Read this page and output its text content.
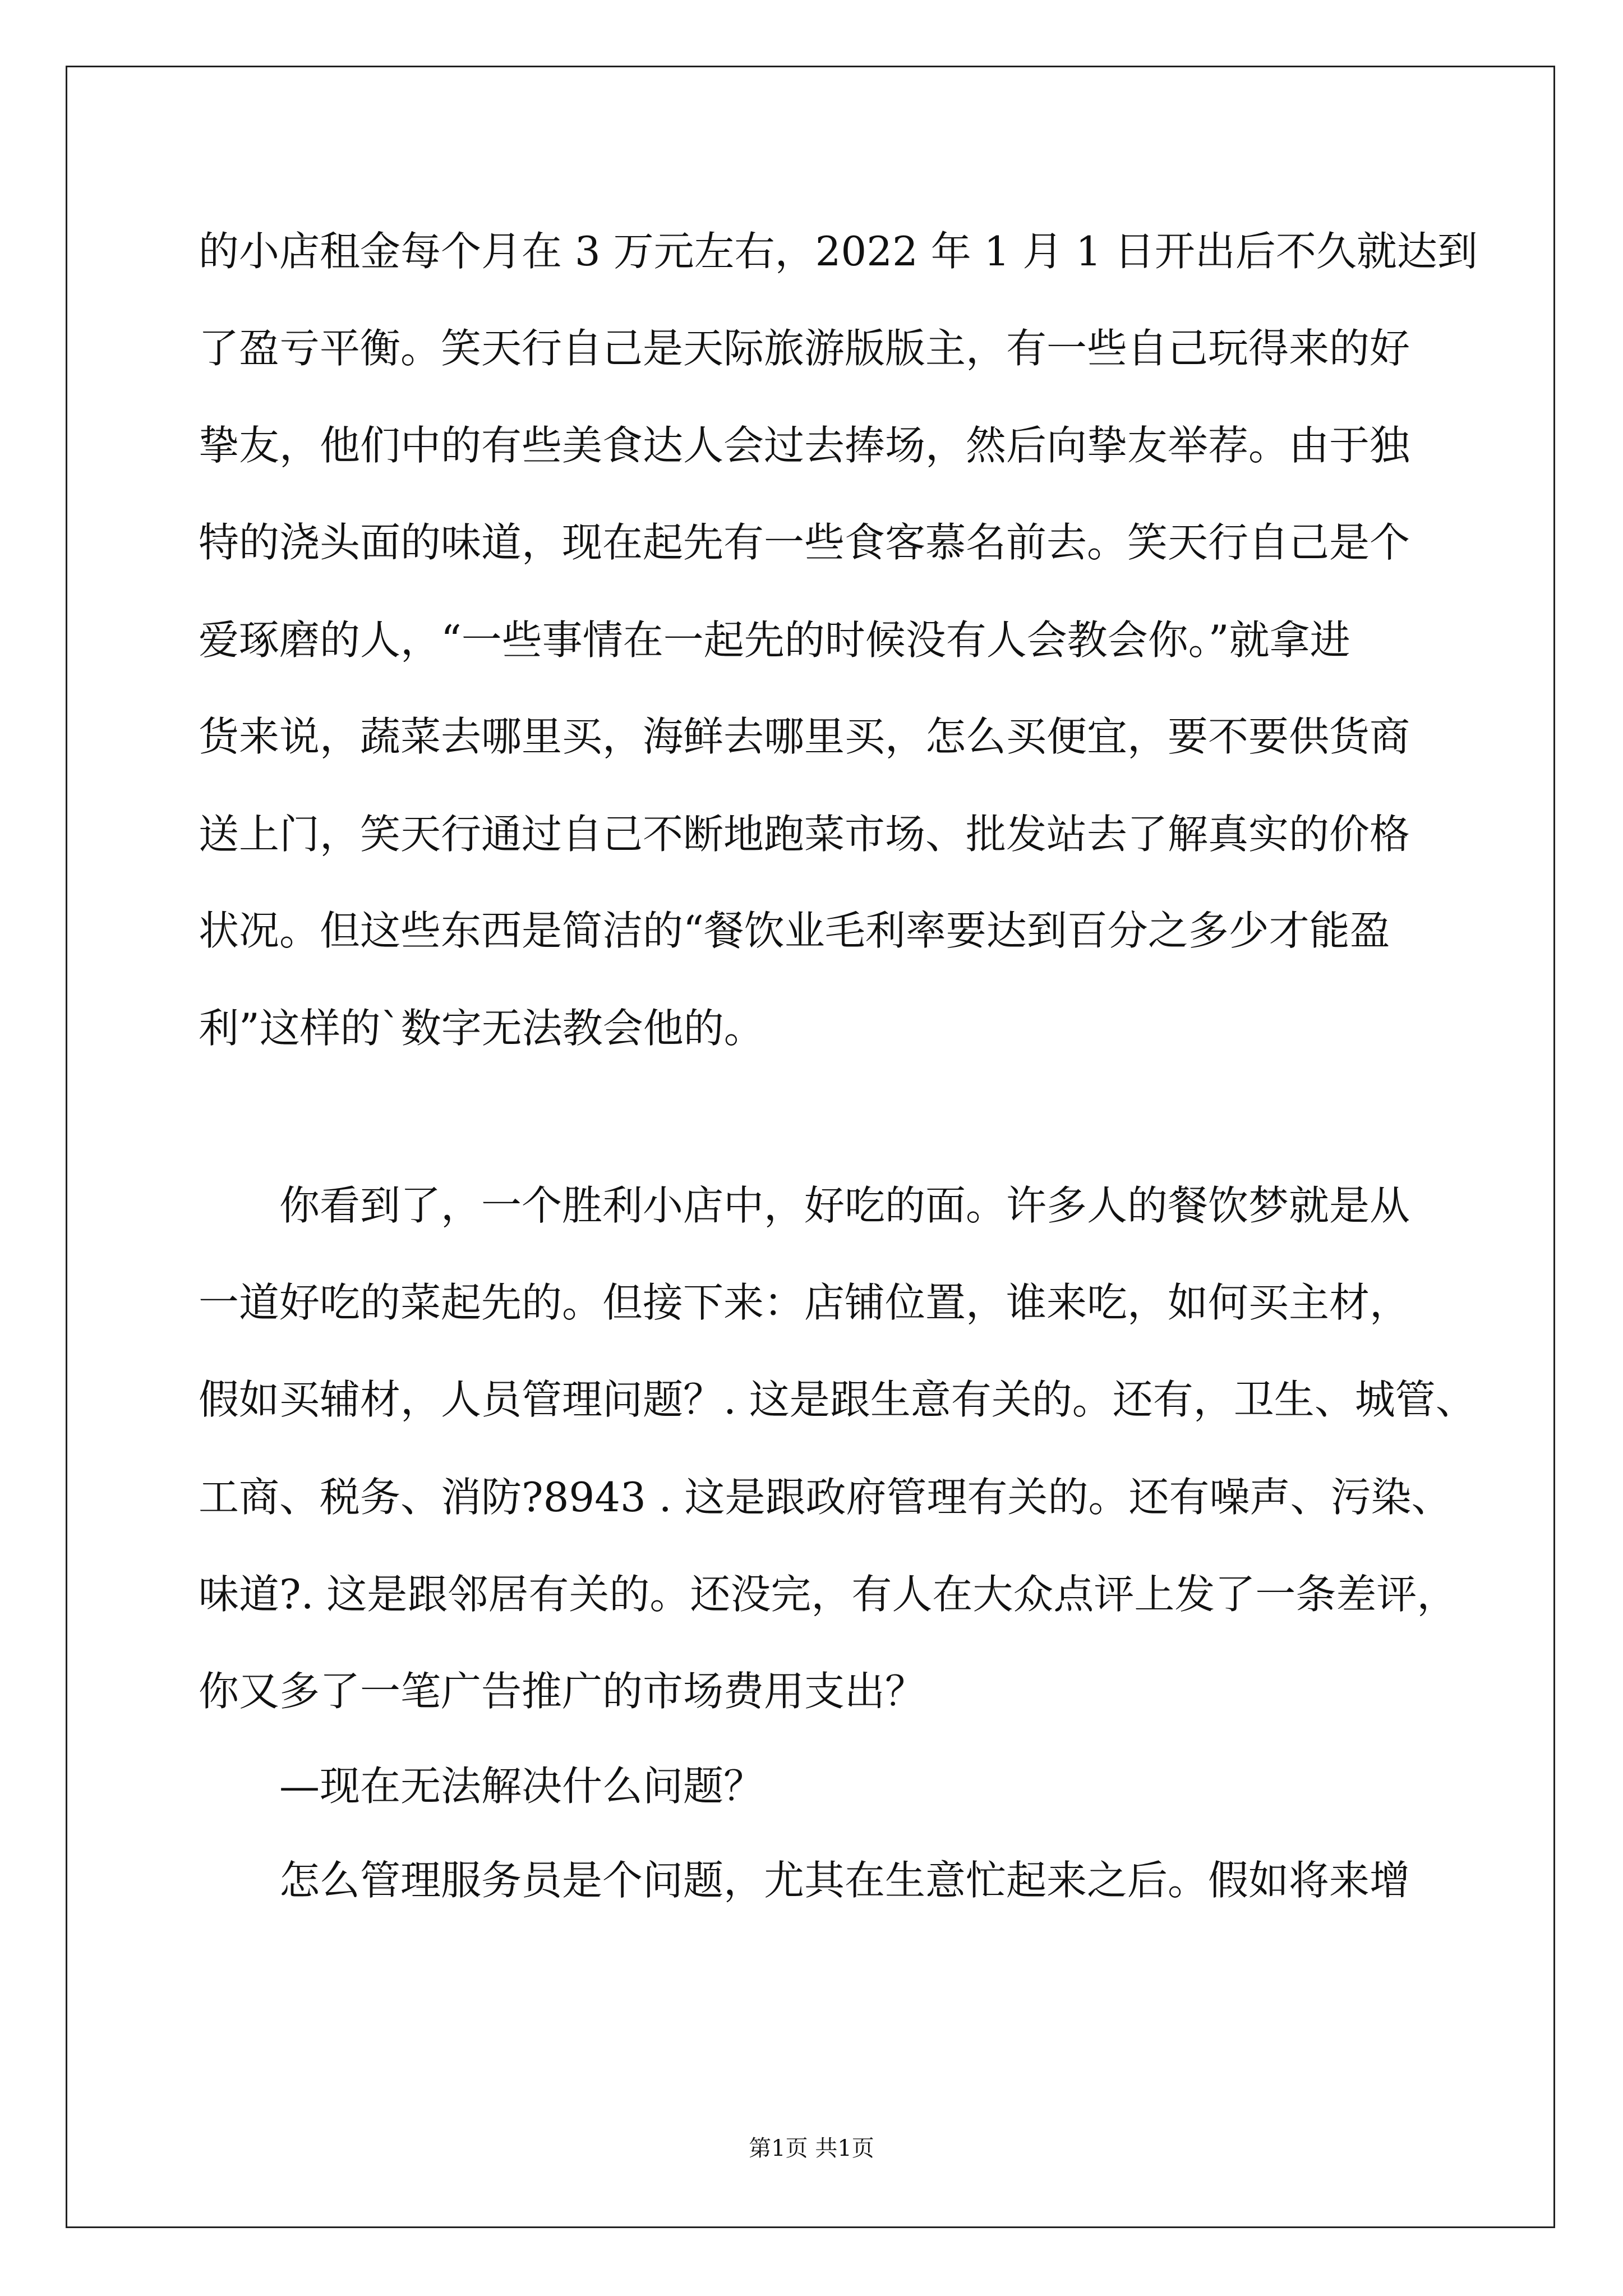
的小店租金每个月在 3 万元左右，2022 年 1 月 1 日开出后不久就达到
了盈亏平衡。笑天行自己是天际旅游版版主，有一些自己玩得来的好
挚友，他们中的有些美食达人会过去捧场，然后向挚友举荐。由于独
特的浇头面的味道，现在起先有一些食客慕名前去。笑天行自己是个
爱琢磨的人，“一些事情在一起先的时候没有人会教会你。”就拿进
货来说，蔬菜去哪里买，海鲜去哪里买，怎么买便宜，要不要供货商
送上门，笑天行通过自己不断地跑菜市场、批发站去了解真实的价格
状况。但这些东西是简洁的“餐饮业毛利率要达到百分之多少才能盈
利”这样的`数字无法教会他的。
你看到了，一个胜利小店中，好吃的面。许多人的餐饮梦就是从
一道好吃的菜起先的。但接下来：店铺位置，谁来吃，如何买主材，
假如买辅材，人员管理问题？. 这是跟生意有关的。还有，卫生、城管、
工商、税务、消防?8943 . 这是跟政府管理有关的。还有噪声、污染、
味道?. 这是跟邻居有关的。还没完，有人在大众点评上发了一条差评，
你又多了一笔广告推广的市场费用支出？
—现在无法解决什么问题？
怎么管理服务员是个问题，尤其在生意忙起来之后。假如将来增
第1页 共1页
